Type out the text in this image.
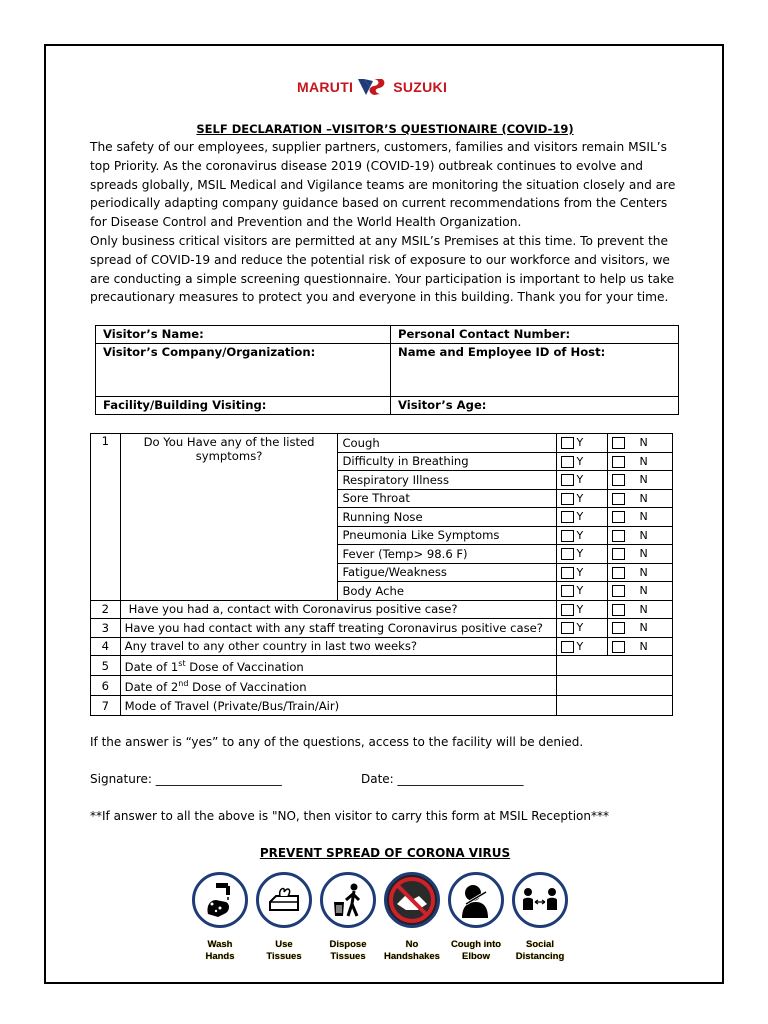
MARUTI	SUZUKI
SELF DECLARATION –VISITOR’S QUESTIONAIRE (COVID-19)

The safety of our employees, supplier partners, customers, families and visitors remain MSIL’s top Priority. As the coronavirus disease 2019 (COVID-19) outbreak continues to evolve and spreads globally, MSIL Medical and Vigilance teams are monitoring the situation closely and are periodically adapting company guidance based on current recommendations from the Centers for Disease Control and Prevention and the World Health Organization.

Only business critical visitors are permitted at any MSIL’s Premises at this time. To prevent the spread of COVID-19 and reduce the potential risk of exposure to our workforce and visitors, we are conducting a simple screening questionnaire. Your participation is important to help us take precautionary measures to protect you and everyone in this building. Thank you for your time.

Visitor’s Name:	Personal Contact Number:
Visitor’s Company/Organization:	Name and Employee ID of Host:
Facility/Building Visiting:	Visitor’s Age:
1	Do You Have any of the listed symptoms?	Cough	Y	N
		Difficulty in Breathing	Y	N
		Respiratory Illness	Y	N
		Sore Throat	Y	N
		Running Nose	Y	N
		Pneumonia Like Symptoms	Y	N
		Fever (Temp> 98.6 F)	Y	N
		Fatigue/Weakness	Y	N
		Body Ache	Y	N
2	Have you had a, contact with Coronavirus positive case?		Y	N
3	Have you had contact with any staff treating Coronavirus positive case?		Y	N
4	Any travel to any other country in last two weeks?		Y	N
5	Date of 1st Dose of Vaccination			
6	Date of 2nd Dose of Vaccination			
7	Mode of Travel (Private/Bus/Train/Air)			
If the answer is “yes” to any of the questions, access to the facility will be denied.
Signature: _____________________	Date: _____________________
**If answer to all the above is "NO, then visitor to carry this form at MSIL Reception***
PREVENT SPREAD OF CORONA VIRUS
Wash
Hands
Use
Tissues
Dispose
Tissues
No
Handshakes
Cough into
Elbow
Social
Distancing
